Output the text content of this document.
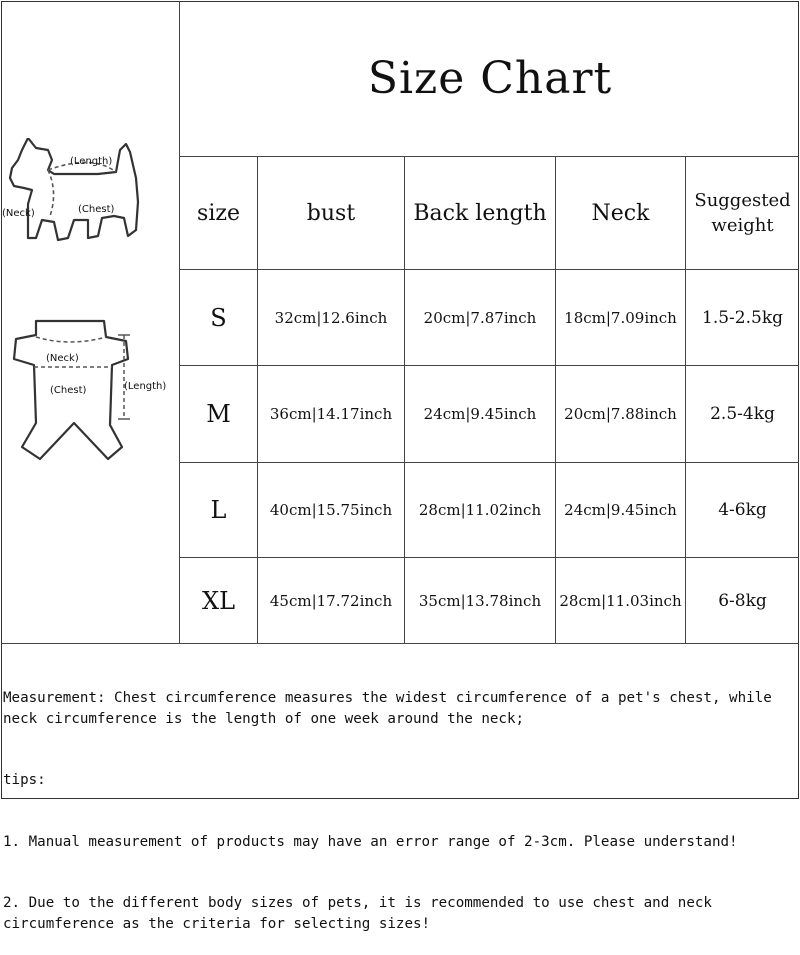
Size Chart
(Length)
(Neck)	(Chest)
(Neck)
(Chest)	(Length)
size	bust	Back length	Neck	Suggested weight
S	32cm|12.6inch	20cm|7.87inch	18cm|7.09inch	1.5-2.5kg
M	36cm|14.17inch	24cm|9.45inch	20cm|7.88inch	2.5-4kg
L	40cm|15.75inch	28cm|11.02inch	24cm|9.45inch	4-6kg
XL	45cm|17.72inch	35cm|13.78inch	28cm|11.03inch	6-8kg

Measurement: Chest circumference measures the widest circumference of a pet's chest, while neck circumference is the length of one week around the neck;

tips:

1. Manual measurement of products may have an error range of 2-3cm. Please understand!

2. Due to the different body sizes of pets, it is recommended to use chest and neck circumference as the criteria for selecting sizes!
